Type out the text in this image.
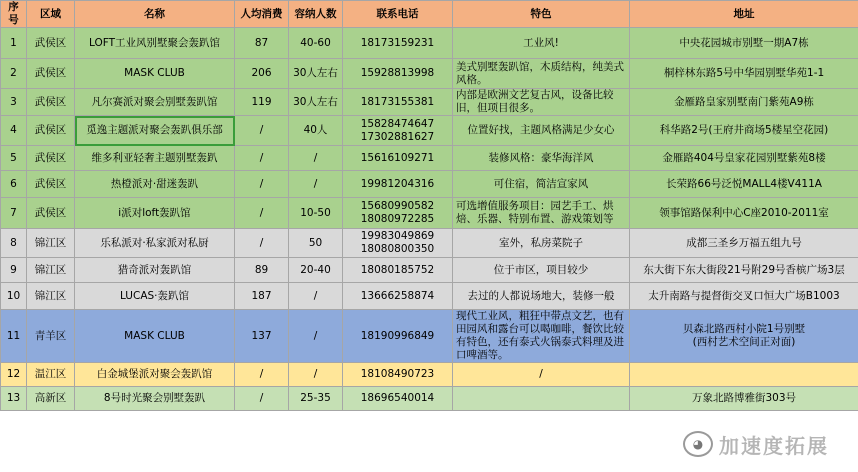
序号	区域	名称	人均消费	容纳人数	联系电话	特色	地址
1	武侯区	LOFT工业风别墅聚会轰趴馆	87	40-60	18173159231	工业风!	中央花园城市别墅一期A7栋
2	武侯区	MASK CLUB	206	30人左右	15928813998	美式别墅轰趴馆，木质结构，纯美式风格。	桐梓林东路5号中华园别墅华苑1-1
3	武侯区	凡尔赛派对聚会别墅轰趴馆	119	30人左右	18173155381	内部是欧洲文艺复古风，设备比较旧，但项目很多。	金雁路皇家别墅南门紫苑A9栋
4	武侯区	觅逸主题派对聚会轰趴俱乐部	/	40人	15828474647
17302881627	位置好找，主题风格满足少女心	科华路2号(王府井商场5楼星空花园)
5	武侯区	维多利亚轻奢主题别墅轰趴	/	/	15616109271	装修风格：豪华海洋风	金雁路404号皇家花园别墅紫苑8楼
6	武侯区	热橙派对·甜迷轰趴	/	/	19981204316	可住宿，简洁宣家风	长荣路66号泛悦MALL4楼V411A
7	武侯区	i派对loft轰趴馆	/	10-50	15680990582
18080972285	可选增值服务项目：园艺手工、烘焙、乐器、特别布置、游戏策划等	领事馆路保利中心C座2010-2011室
8	锦江区	乐私派对·私家派对私厨	/	50	19983049869
18080800350	室外，私房菜院子	成都三圣乡万福五组九号
9	锦江区	猎奇派对轰趴馆	89	20-40	18080185752	位于市区，项目较少	东大街下东大街段21号附29号香槟广场3层
10	锦江区	LUCAS·轰趴馆	187	/	13666258874	去过的人都说场地大，装修一般	太升南路与提督街交叉口恒大广场B1003
11	青羊区	MASK CLUB	137	/	18190996849	现代工业风，粗狂中带点文艺，也有田园风和露台可以喝咖啡，餐饮比较有特色，还有泰式火锅泰式料理及进口啤酒等。	贝森北路西村小院1号别墅
(西村艺术空间正对面)
12	温江区	白金城堡派对聚会轰趴馆	/	/	18108490723	/	
13	高新区	8号时光聚会别墅轰趴	/	25-35	18696540014		万象北路博雅街303号
◕ 加速度拓展
